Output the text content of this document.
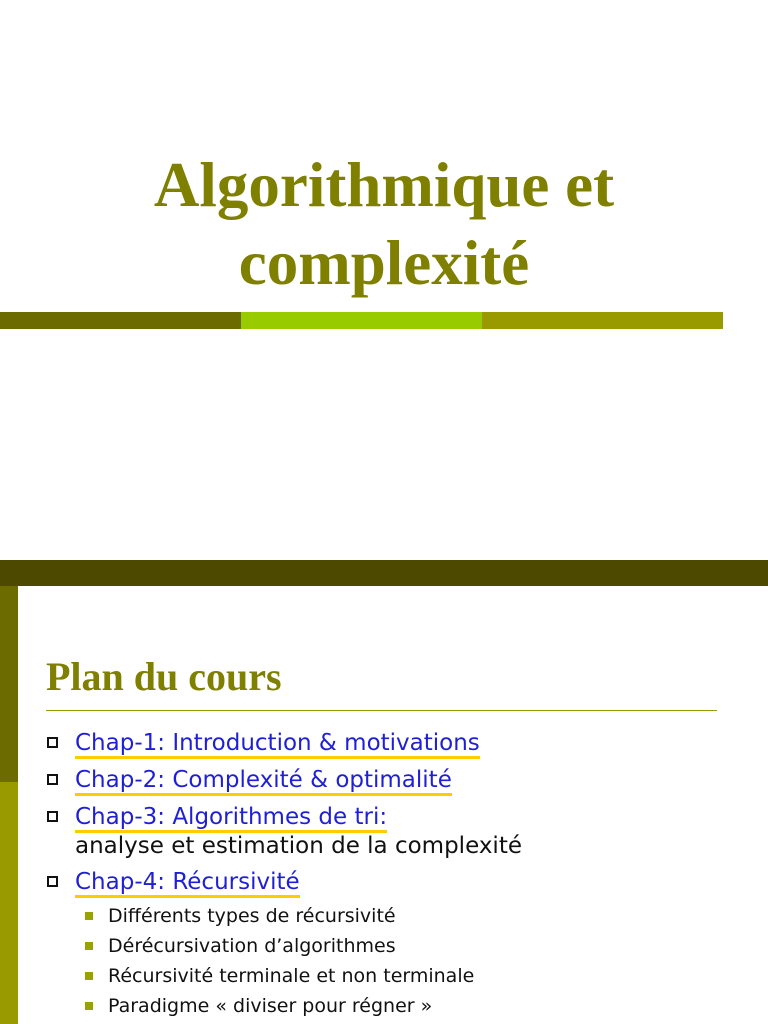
Algorithmique et
complexité
Plan du cours
Chap-1: Introduction & motivations
Chap-2: Complexité & optimalité
Chap-3: Algorithmes de tri:
analyse et estimation de la complexité
Chap-4: Récursivité
Différents types de récursivité
Dérécursivation d’algorithmes
Récursivité terminale et non terminale
Paradigme « diviser pour régner »
